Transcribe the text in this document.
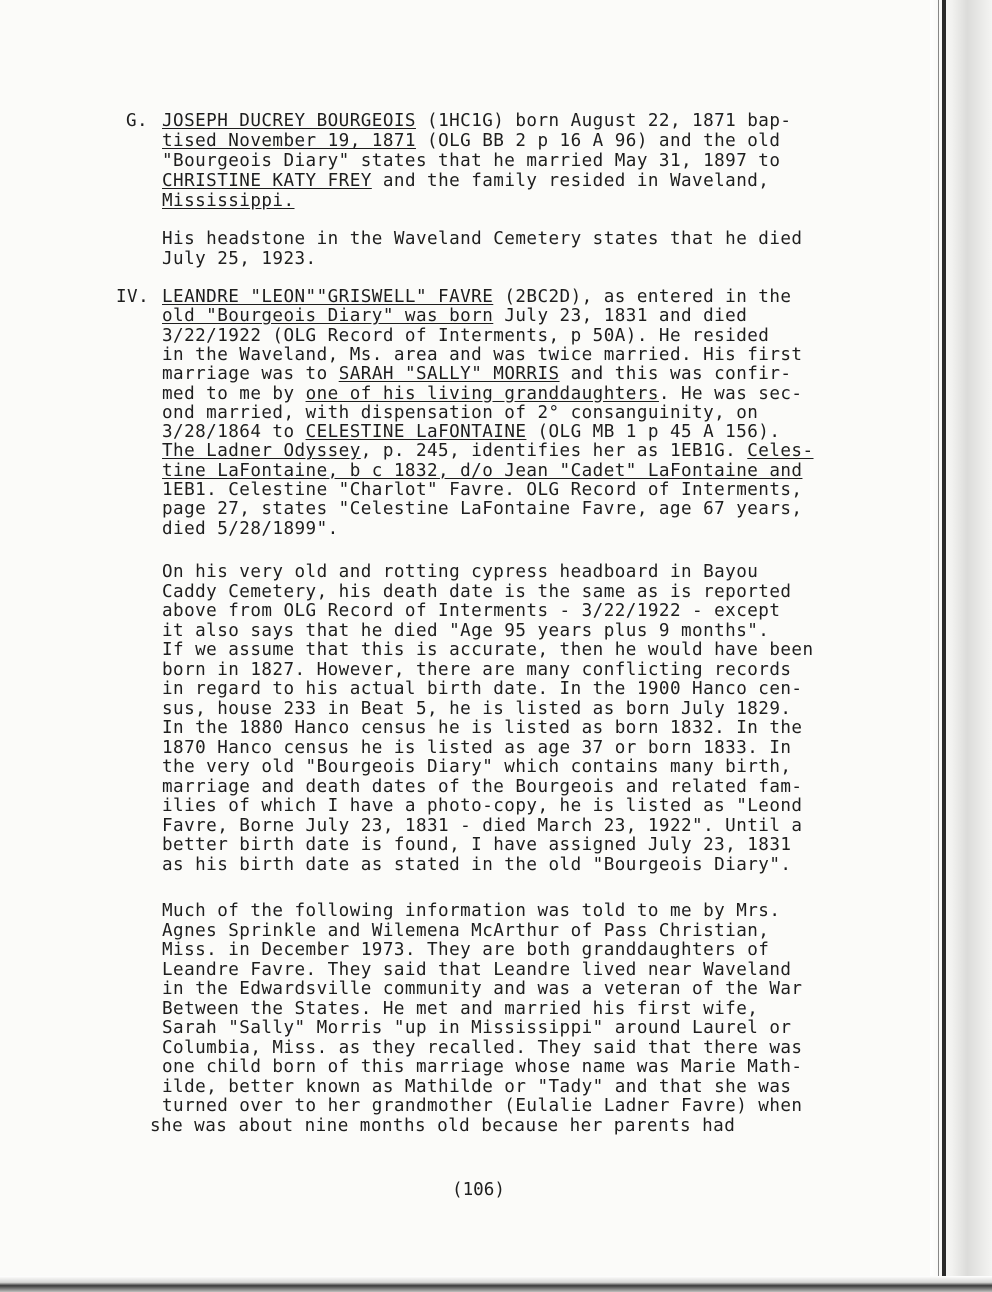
G. JOSEPH DUCREY BOURGEOIS (1HC1G) born August 22, 1871 bap-
tised November 19, 1871 (OLG BB 2 p 16 A 96) and the old
"Bourgeois Diary" states that he married May 31, 1897 to
CHRISTINE KATY FREY and the family resided in Waveland,
Mississippi.
His headstone in the Waveland Cemetery states that he died
July 25, 1923.
IV. LEANDRE "LEON""GRISWELL" FAVRE (2BC2D), as entered in the
old "Bourgeois Diary" was born July 23, 1831 and died
3/22/1922 (OLG Record of Interments, p 50A). He resided
in the Waveland, Ms. area and was twice married. His first
marriage was to SARAH "SALLY" MORRIS and this was confir-
med to me by one of his living granddaughters. He was sec-
ond married, with dispensation of 2° consanguinity, on
3/28/1864 to CELESTINE LaFONTAINE (OLG MB 1 p 45 A 156).
The Ladner Odyssey, p. 245, identifies her as 1EB1G. Celes-
tine LaFontaine, b c 1832, d/o Jean "Cadet" LaFontaine and
1EB1. Celestine "Charlot" Favre. OLG Record of Interments,
page 27, states "Celestine LaFontaine Favre, age 67 years,
died 5/28/1899".
On his very old and rotting cypress headboard in Bayou
Caddy Cemetery, his death date is the same as is reported
above from OLG Record of Interments - 3/22/1922 - except
it also says that he died "Age 95 years plus 9 months".
If we assume that this is accurate, then he would have been
born in 1827. However, there are many conflicting records
in regard to his actual birth date. In the 1900 Hanco cen-
sus, house 233 in Beat 5, he is listed as born July 1829.
In the 1880 Hanco census he is listed as born 1832. In the
1870 Hanco census he is listed as age 37 or born 1833. In
the very old "Bourgeois Diary" which contains many birth,
marriage and death dates of the Bourgeois and related fam-
ilies of which I have a photo-copy, he is listed as "Leond
Favre, Borne July 23, 1831 - died March 23, 1922". Until a
better birth date is found, I have assigned July 23, 1831
as his birth date as stated in the old "Bourgeois Diary".
Much of the following information was told to me by Mrs.
Agnes Sprinkle and Wilemena McArthur of Pass Christian,
Miss. in December 1973. They are both granddaughters of
Leandre Favre. They said that Leandre lived near Waveland
in the Edwardsville community and was a veteran of the War
Between the States. He met and married his first wife,
Sarah "Sally" Morris "up in Mississippi" around Laurel or
Columbia, Miss. as they recalled. They said that there was
one child born of this marriage whose name was Marie Math-
ilde, better known as Mathilde or "Tady" and that she was
turned over to her grandmother (Eulalie Ladner Favre) when
she was about nine months old because her parents had
(106)
